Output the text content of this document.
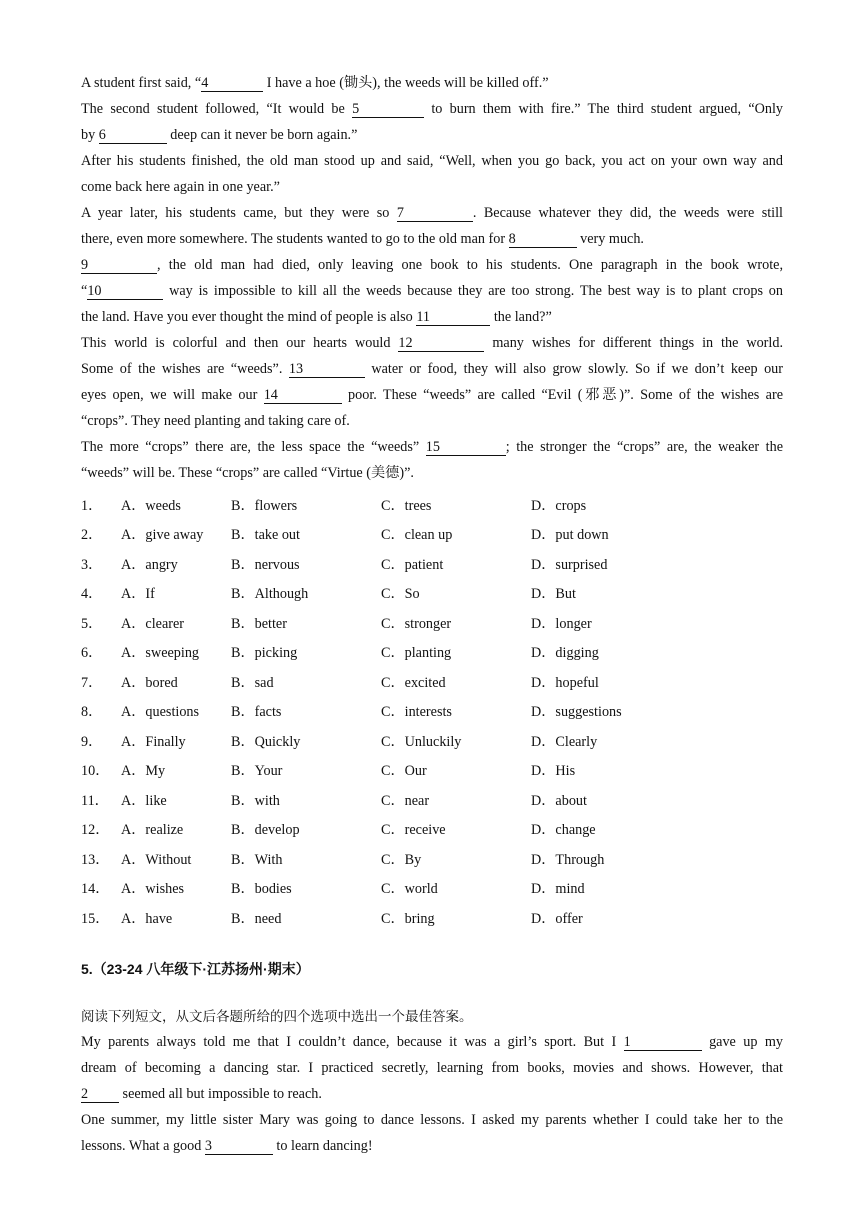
A student first said, “4	I have a hoe (锄头), the weeds will be killed off.”

The second student followed, “It would be 5	to burn them with fire.” The third student argued, “Only
by 6	deep can it never be born again.”

After his students finished, the old man stood up and said, “Well, when you go back, you act on your own way and
come back here again in one year.”

A year later, his students came, but they were so 7	. Because whatever they did, the weeds were still
there, even more somewhere. The students wanted to go to the old man for 8	very much.

9	, the old man had died, only leaving one book to his students. One paragraph in the book wrote,
“10	way is impossible to kill all the weeds because they are too strong. The best way is to plant crops on
the land. Have you ever thought the mind of people is also 11	the land?”

This world is colorful and then our hearts would 12	many wishes for different things in the world.
Some of the wishes are “weeds”. 13	water or food, they will also grow slowly. So if we don’t keep our
eyes open, we will make our 14	poor. These “weeds” are called “Evil (邪恶)”. Some of the wishes are
“crops”. They need planting and taking care of.

The more “crops” there are, the less space the “weeds” 15	; the stronger the “crops” are, the weaker the
“weeds” will be. These “crops” are called “Virtue (美德)”.

1．	A．weeds	B．flowers	C．trees	D．crops
2．	A．give away	B．take out	C．clean up	D．put down
3．	A．angry	B．nervous	C．patient	D．surprised
4．	A．If	B．Although	C．So	D．But
5．	A．clearer	B．better	C．stronger	D．longer
6．	A．sweeping	B．picking	C．planting	D．digging
7．	A．bored	B．sad	C．excited	D．hopeful
8．	A．questions	B．facts	C．interests	D．suggestions
9．	A．Finally	B．Quickly	C．Unluckily	D．Clearly
10． A．My	B．Your	C．Our	D．His
11． A．like	B．with	C．near	D．about
12． A．realize	B．develop	C．receive	D．change
13． A．Without	B．With	C．By	D．Through
14． A．wishes	B．bodies	C．world	D．mind
15． A．have	B．need	C．bring	D．offer
5.（23-24 八年级下·江苏扬州·期末）
阅读下列短文，从文后各题所给的四个选项中选出一个最佳答案。

My parents always told me that I couldn’t dance, because it was a girl’s sport. But I 1	gave up my
dream of becoming a dancing star. I practiced secretly, learning from books, movies and shows. However, that
2 seemed all but impossible to reach.

One summer, my little sister Mary was going to dance lessons. I asked my parents whether I could take her to the
lessons. What a good 3	to learn dancing!
